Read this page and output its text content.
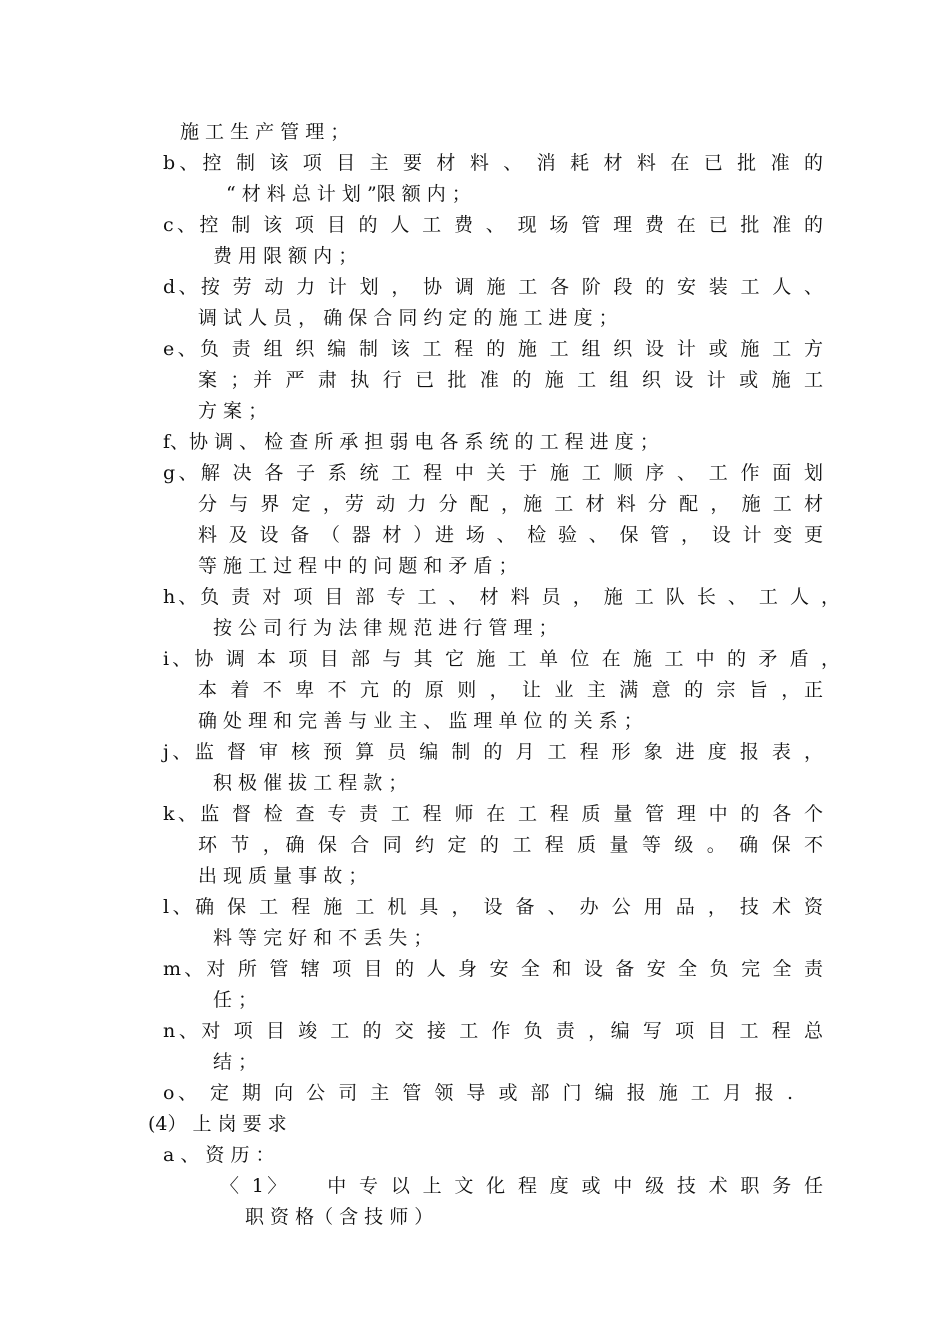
施 工 生 产 管 理 ；
b、控 制 该 项 目 主 要 材 料 、 消 耗 材 料 在 已 批 准 的
“ 材 料 总 计 划 ”限 额 内 ；
c、控 制 该 项 目 的 人 工 费 、 现 场 管 理 费 在 已 批 准 的
费 用 限 额 内 ；
d、按 劳 动 力 计 划 ， 协 调 施 工 各 阶 段 的 安 装 工 人 、
调 试 人 员 ， 确 保 合 同 约 定 的 施 工 进 度 ；
e、负 责 组 织 编 制 该 工 程 的 施 工 组 织 设 计 或 施 工 方
案 ；并 严 肃 执 行 已 批 准 的 施 工 组 织 设 计 或 施 工
方 案 ；
f、协 调 、 检 查 所 承 担 弱 电 各 系 统 的 工 程 进 度 ；
g、解 决 各 子 系 统 工 程 中 关 于 施 工 顺 序 、 工 作 面 划
分 与 界 定 ，劳 动 力 分 配 ，施 工 材 料 分 配 ， 施 工 材
料 及 设 备 （ 器 材 ）进 场 、 检 验 、 保 管 ， 设 计 变 更
等 施 工 过 程 中 的 问 题 和 矛 盾 ；
h、负 责 对 项 目 部 专 工 、 材 料 员 ， 施 工 队 长 、 工 人 ，
按 公 司 行 为 法 律 规 范 进 行 管 理 ；
i、协 调 本 项 目 部 与 其 它 施 工 单 位 在 施 工 中 的 矛 盾 ，
本 着 不 卑 不 亢 的 原 则 ， 让 业 主 满 意 的 宗 旨 ，正
确 处 理 和 完 善 与 业 主 、 监 理 单 位 的 关 系 ；
j、监 督 审 核 预 算 员 编 制 的 月 工 程 形 象 进 度 报 表 ，
积 极 催 拔 工 程 款 ；
k、监 督 检 查 专 责 工 程 师 在 工 程 质 量 管 理 中 的 各 个
环 节 ，确 保 合 同 约 定 的 工 程 质 量 等 级 。 确 保 不
出 现 质 量 事 故 ；
l、确 保 工 程 施 工 机 具 ， 设 备 、 办 公 用 品 ， 技 术 资
料 等 完 好 和 不 丢 失 ；
m、对 所 管 辖 项 目 的 人 身 安 全 和 设 备 安 全 负 完 全 责
任 ；
n、对 项 目 竣 工 的 交 接 工 作 负 责 ，编 写 项 目 工 程 总
结 ；
o、 定 期 向 公 司 主 管 领 导 或 部 门 编 报 施 工 月 报 .
(4） 上 岗 要 求
a 、 资 历 ：
〈 1〉    中 专 以 上 文 化 程 度 或 中 级 技 术 职 务 任
职 资 格（ 含 技 师 ）
